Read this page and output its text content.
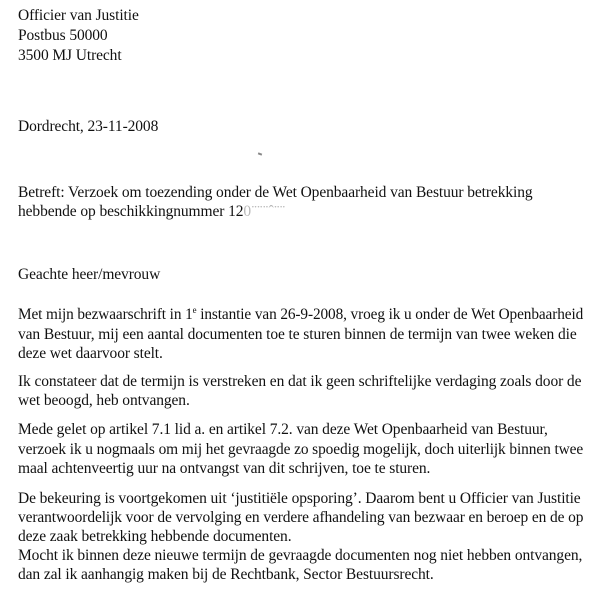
Officier van Justitie
Postbus 50000
3500 MJ Utrecht
Dordrecht, 23-11-2008
Betreft: Verzoek om toezending onder de Wet Openbaarheid van Bestuur betrekking
hebbende op beschikkingnummer 120¨¨¨ˆ¨¨
Geachte heer/mevrouw
Met mijn bezwaarschrift in 1e instantie van 26-9-2008, vroeg ik u onder de Wet Openbaarheid
van Bestuur, mij een aantal documenten toe te sturen binnen de termijn van twee weken die
deze wet daarvoor stelt.
Ik constateer dat de termijn is verstreken en dat ik geen schriftelijke verdaging zoals door de
wet beoogd, heb ontvangen.
Mede gelet op artikel 7.1 lid a. en artikel 7.2. van deze Wet Openbaarheid van Bestuur,
verzoek ik u nogmaals om mij het gevraagde zo spoedig mogelijk, doch uiterlijk binnen twee
maal achtenveertig uur na ontvangst van dit schrijven, toe te sturen.
De bekeuring is voortgekomen uit ‘justitiële opsporing’. Daarom bent u Officier van Justitie
verantwoordelijk voor de vervolging en verdere afhandeling van bezwaar en beroep en de op
deze zaak betrekking hebbende documenten.
Mocht ik binnen deze nieuwe termijn de gevraagde documenten nog niet hebben ontvangen,
dan zal ik aanhangig maken bij de Rechtbank, Sector Bestuursrecht.
